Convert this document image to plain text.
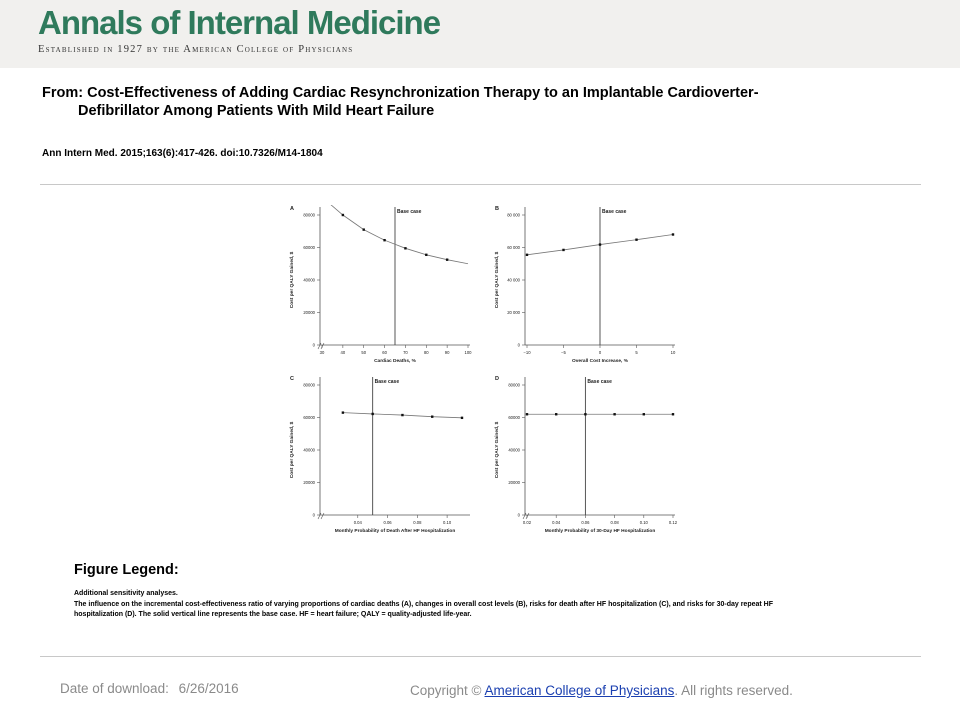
Annals of Internal Medicine
Established in 1927 by the American College of Physicians
From: Cost-Effectiveness of Adding Cardiac Resynchronization Therapy to an Implantable Cardioverter-
Defibrillator Among Patients With Mild Heart Failure
Ann Intern Med. 2015;163(6):417-426. doi:10.7326/M14-1804
0
20000
40000
60000
80000
30	40	50	60	70	80	90	100
Cardiac Deaths, %
Cost per QALY Gained, $
A	Base case
0
20 000
40 000
60 000
80 000
−10	−5	0	5	10
Overall Cost Increase, %
Cost per QALY Gained, $
B	Base case
0
20000
40000
60000
80000
0.04	0.06	0.08	0.10
Monthly Probability of Death After HF Hospitalization
Cost per QALY Gained, $
C	Base case
0
20000
40000
60000
80000
0.02	0.04	0.06	0.08	0.10	0.12
Monthly Probability of 30-Day HF Hospitalization
Cost per QALY Gained, $
D	Base case
Figure Legend:
Additional sensitivity analyses.
The influence on the incremental cost-effectiveness ratio of varying proportions of cardiac deaths (A), changes in overall cost levels (B), risks for death after HF hospitalization (C), and risks for 30-day repeat HF
hospitalization (D). The solid vertical line represents the base case. HF = heart failure; QALY = quality-adjusted life-year.
Date of download: 6/26/2016	Copyright © American College of Physicians. All rights reserved.
